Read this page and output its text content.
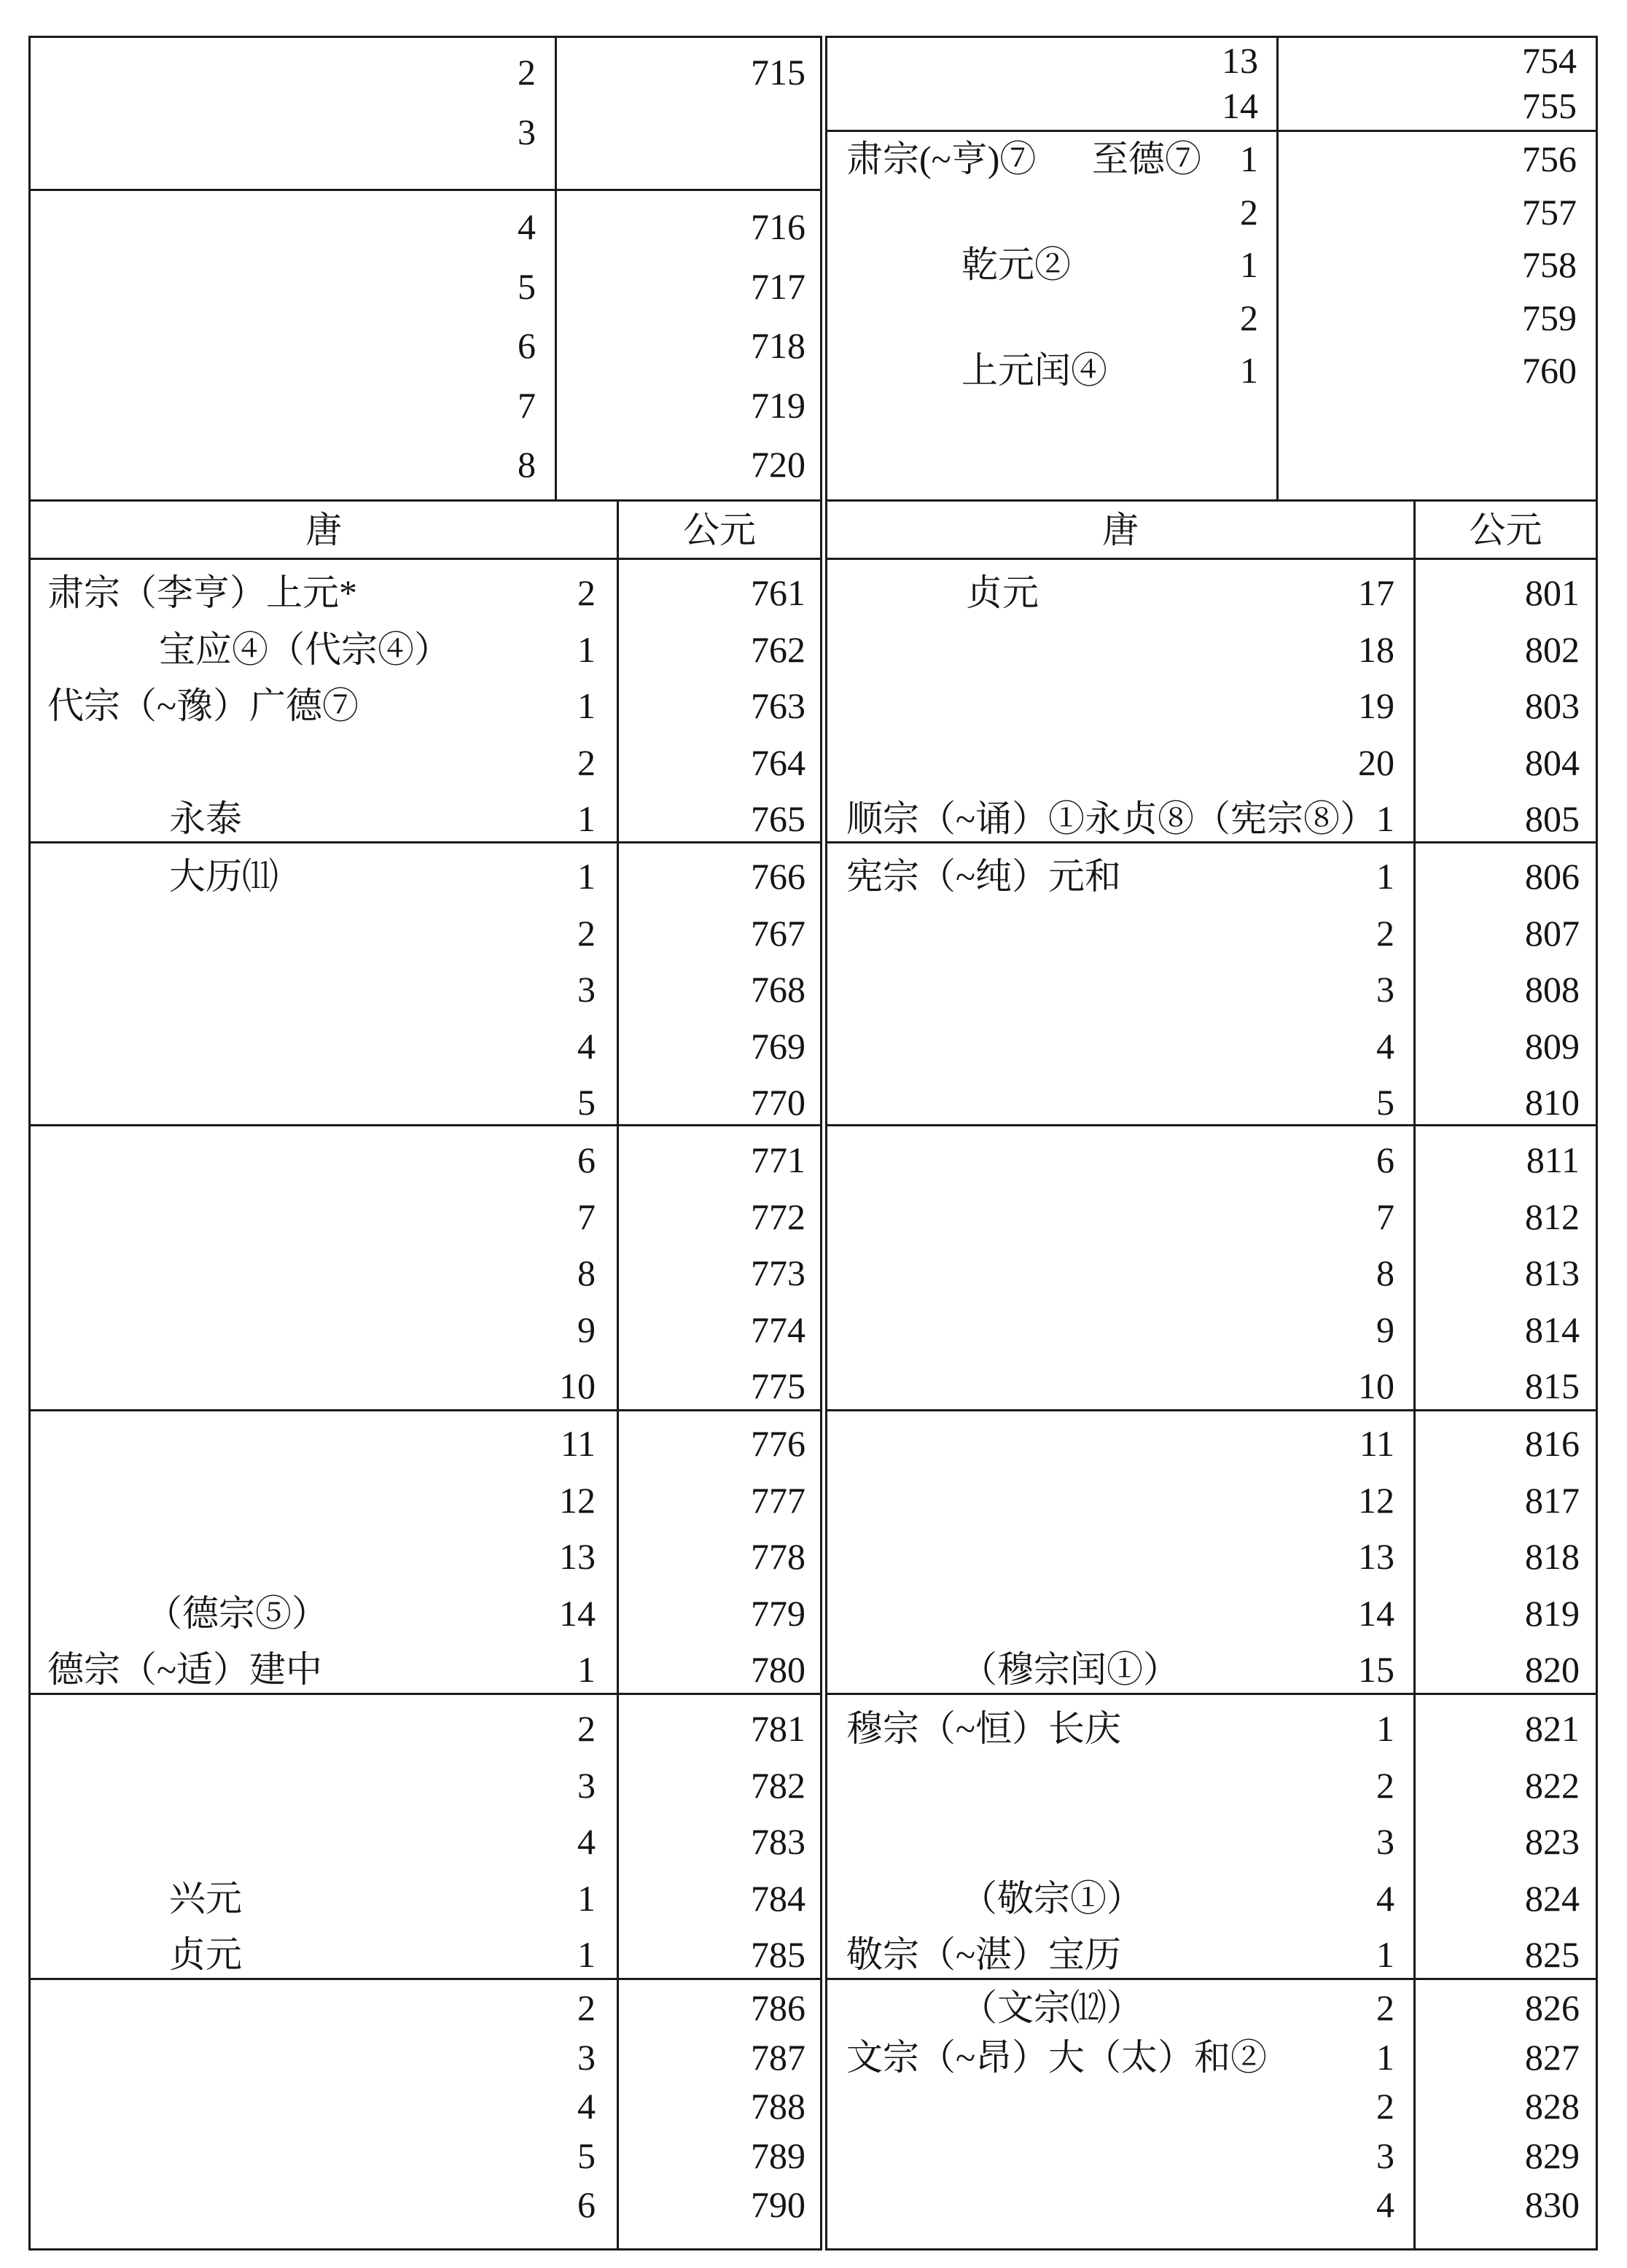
唐	公元	唐	公元
2	715
3
4	716
5	717
6	718
7	719
8	720
13	754
14	755
肃宗(~亨)⑦ 至德⑦ 1	756
2	757
乾元②	1	758
2	759
上元闰④	1	760
肃宗（李亨）上元*	2	761
宝应④（代宗④）	1	762
代宗（~豫）广德⑦	1	763
2	764
永泰	1	765
大历⑾	1	766
2	767
3	768
4	769
5	770
6	771
7	772
8	773
9	774
10	775
11	776
12	777
13	778
（德宗⑤）	14	779
德宗（~适）建中	1	780
2	781
3	782
4	783
兴元	1	784
贞元	1	785
2	786
3	787
4	788
5	789
6	790
贞元	17	801
18	802
19	803
20	804
顺宗（~诵）①永贞⑧（宪宗⑧） 1	805
宪宗（~纯）元和	1	806
2	807
3	808
4	809
5	810
6	811
7	812
8	813
9	814
10	815
11	816
12	817
13	818
14	819
（穆宗闰①）	15	820
穆宗（~恒）长庆	1	821
2	822
3	823
（敬宗①）	4	824
敬宗（~湛）宝历	1	825
（文宗⑿）	2	826
文宗（~昂）大（太）和②	1	827
2	828
3	829
4	830
